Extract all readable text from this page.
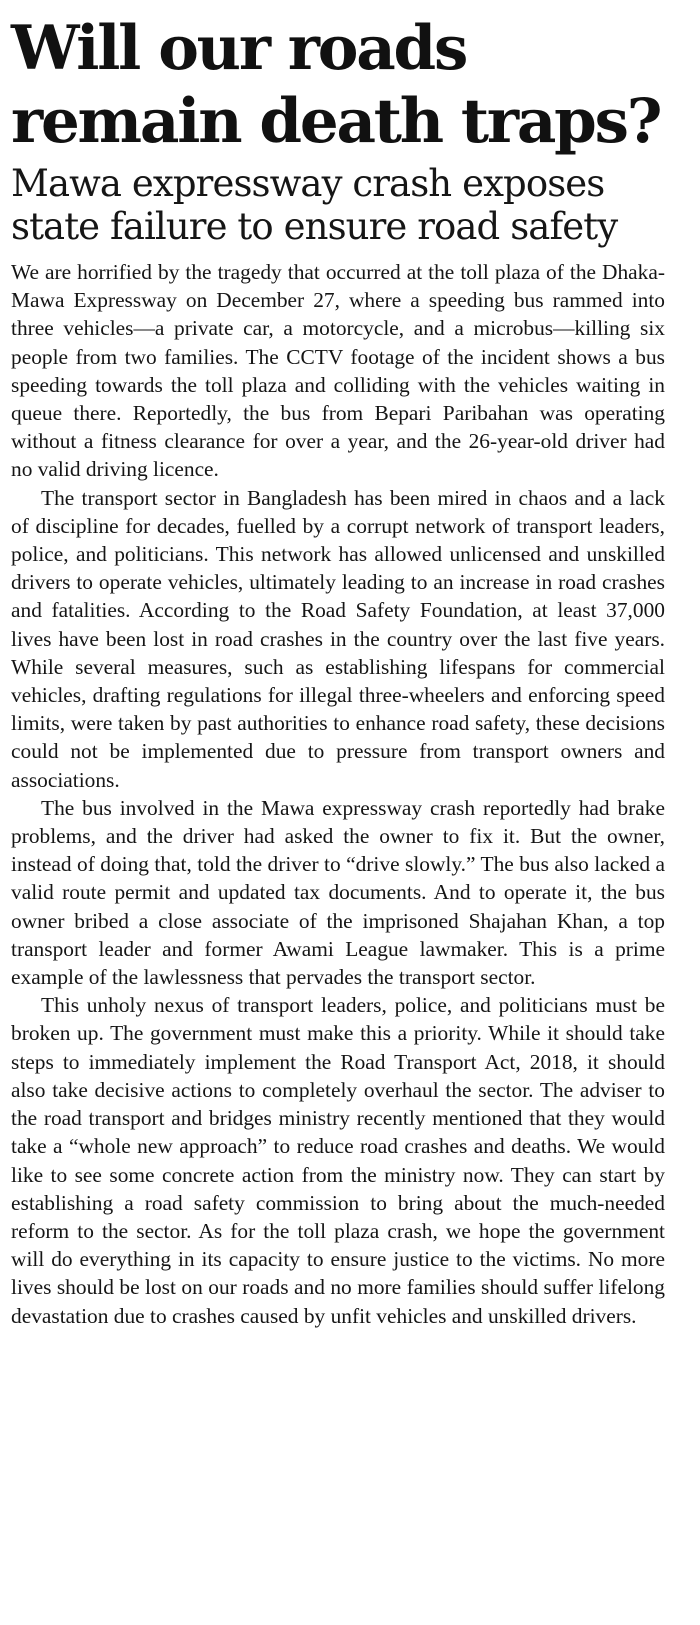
Will our roads remain death traps?
Mawa expressway crash exposes state failure to ensure road safety

We are horrified by the tragedy that occurred at the toll plaza of the Dhaka-Mawa Expressway on December 27, where a speeding bus rammed into three vehicles—a private car, a motorcycle, and a microbus—killing six people from two families. The CCTV footage of the incident shows a bus speeding towards the toll plaza and colliding with the vehicles waiting in queue there. Reportedly, the bus from Bepari Paribahan was operating without a fitness clearance for over a year, and the 26-year-old driver had no valid driving licence.

The transport sector in Bangladesh has been mired in chaos and a lack of discipline for decades, fuelled by a corrupt network of transport leaders, police, and politicians. This network has allowed unlicensed and unskilled drivers to operate vehicles, ultimately leading to an increase in road crashes and fatalities. According to the Road Safety Foundation, at least 37,000 lives have been lost in road crashes in the country over the last five years. While several measures, such as establishing lifespans for commercial vehicles, drafting regulations for illegal three-wheelers and enforcing speed limits, were taken by past authorities to enhance road safety, these decisions could not be implemented due to pressure from transport owners and associations.

The bus involved in the Mawa expressway crash reportedly had brake problems, and the driver had asked the owner to fix it. But the owner, instead of doing that, told the driver to “drive slowly.” The bus also lacked a valid route permit and updated tax documents. And to operate it, the bus owner bribed a close associate of the imprisoned Shajahan Khan, a top transport leader and former Awami League lawmaker. This is a prime example of the lawlessness that pervades the transport sector.

This unholy nexus of transport leaders, police, and politicians must be broken up. The government must make this a priority. While it should take steps to immediately implement the Road Transport Act, 2018, it should also take decisive actions to completely overhaul the sector. The adviser to the road transport and bridges ministry recently mentioned that they would take a “whole new approach” to reduce road crashes and deaths. We would like to see some concrete action from the ministry now. They can start by establishing a road safety commission to bring about the much-needed reform to the sector. As for the toll plaza crash, we hope the government will do everything in its capacity to ensure justice to the victims. No more lives should be lost on our roads and no more families should suffer lifelong devastation due to crashes caused by unfit vehicles and unskilled drivers.
